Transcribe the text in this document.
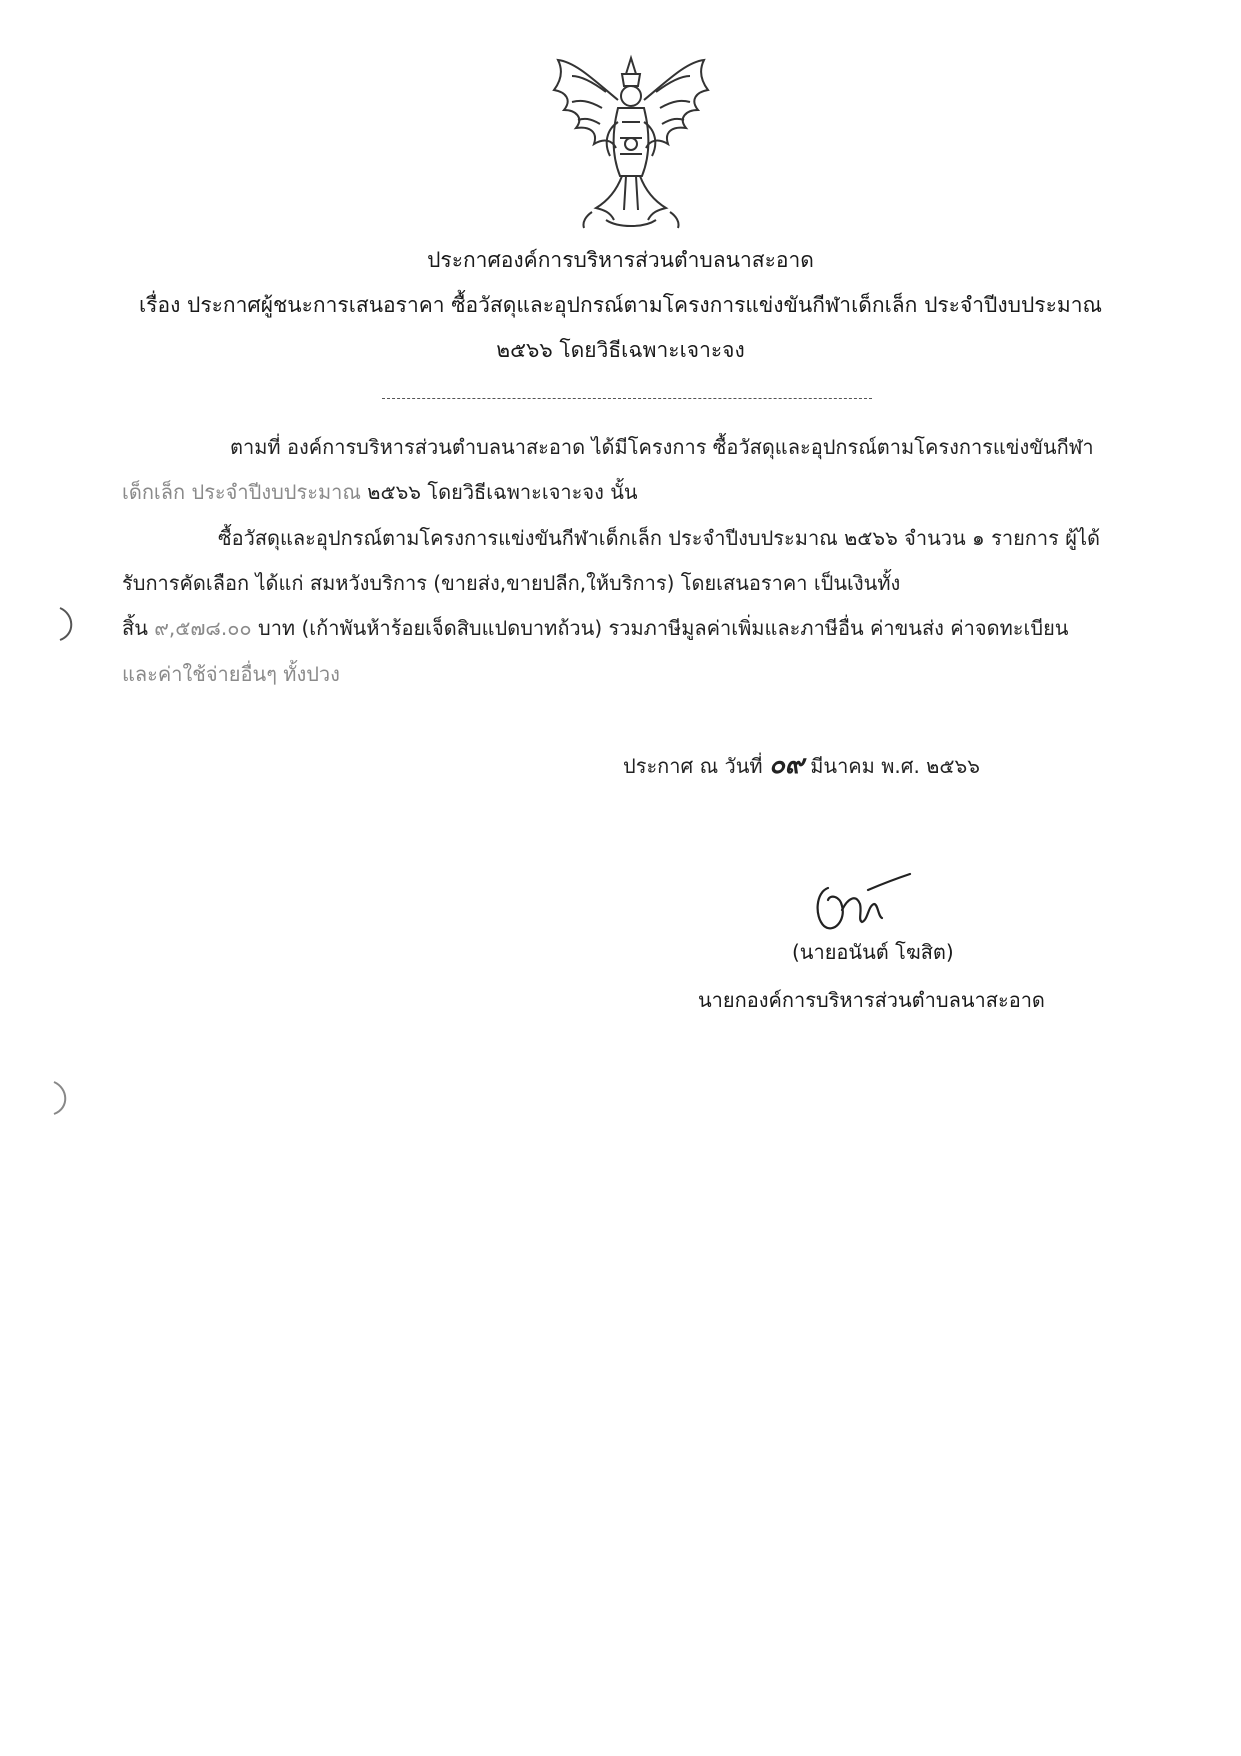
ประกาศองค์การบริหารส่วนตำบลนาสะอาด
เรื่อง ประกาศผู้ชนะการเสนอราคา ซื้อวัสดุและอุปกรณ์ตามโครงการแข่งขันกีฬาเด็กเล็ก ประจำปีงบประมาณ
๒๕๖๖ โดยวิธีเฉพาะเจาะจง
ตามที่ องค์การบริหารส่วนตำบลนาสะอาด ได้มีโครงการ ซื้อวัสดุและอุปกรณ์ตามโครงการแข่งขันกีฬา
เด็กเล็ก ประจำปีงบประมาณ ๒๕๖๖ โดยวิธีเฉพาะเจาะจง นั้น
ซื้อวัสดุและอุปกรณ์ตามโครงการแข่งขันกีฬาเด็กเล็ก ประจำปีงบประมาณ ๒๕๖๖ จำนวน ๑ รายการ ผู้ได้
รับการคัดเลือก ได้แก่ สมหวังบริการ (ขายส่ง,ขายปลีก,ให้บริการ) โดยเสนอราคา เป็นเงินทั้ง
สิ้น ๙,๕๗๘.๐๐ บาท (เก้าพันห้าร้อยเจ็ดสิบแปดบาทถ้วน) รวมภาษีมูลค่าเพิ่มและภาษีอื่น ค่าขนส่ง ค่าจดทะเบียน
และค่าใช้จ่ายอื่นๆ ทั้งปวง
ประกาศ ณ วันที่ ๐๙ มีนาคม พ.ศ. ๒๕๖๖
(นายอนันต์ โฆสิต)
นายกองค์การบริหารส่วนตำบลนาสะอาด
